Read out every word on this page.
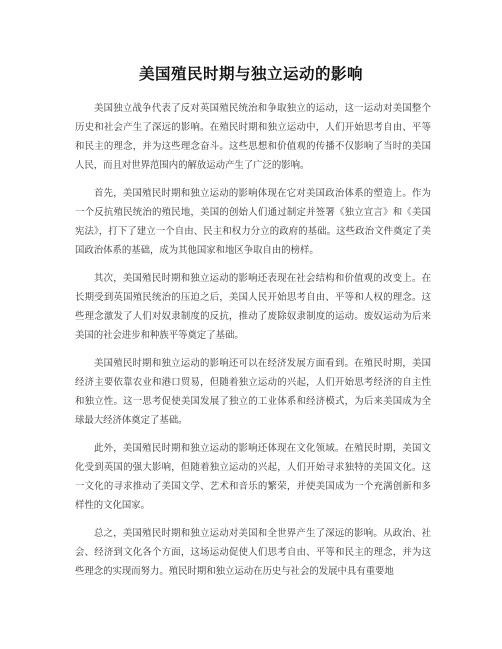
美国殖民时期与独立运动的影响

美国独立战争代表了反对英国殖民统治和争取独立的运动，这一运动对美国整个历史和社会产生了深远的影响。在殖民时期和独立运动中，人们开始思考自由、平等和民主的理念，并为这些理念奋斗。这些思想和价值观的传播不仅影响了当时的美国人民，而且对世界范围内的解放运动产生了广泛的影响。

首先，美国殖民时期和独立运动的影响体现在它对美国政治体系的塑造上。作为一个反抗殖民统治的殖民地，美国的创始人们通过制定并签署《独立宣言》和《美国宪法》，打下了建立一个自由、民主和权力分立的政府的基础。这些政治文件奠定了美国政治体系的基础，成为其他国家和地区争取自由的榜样。

其次，美国殖民时期和独立运动的影响还表现在社会结构和价值观的改变上。在长期受到英国殖民统治的压迫之后，美国人民开始思考自由、平等和人权的理念。这些理念激发了人们对奴隶制度的反抗，推动了废除奴隶制度的运动。废奴运动为后来美国的社会进步和种族平等奠定了基础。

美国殖民时期和独立运动的影响还可以在经济发展方面看到。在殖民时期，美国经济主要依靠农业和港口贸易，但随着独立运动的兴起，人们开始思考经济的自主性和独立性。这一思考促使美国发展了独立的工业体系和经济模式，为后来美国成为全球最大经济体奠定了基础。

此外，美国殖民时期和独立运动的影响还体现在文化领域。在殖民时期，美国文化受到英国的强大影响，但随着独立运动的兴起，人们开始寻求独特的美国文化。这一文化的寻求推动了美国文学、艺术和音乐的繁荣，并使美国成为一个充满创新和多样性的文化国家。

总之，美国殖民时期和独立运动对美国和全世界产生了深远的影响。从政治、社会、经济到文化各个方面，这场运动促使人们思考自由、平等和民主的理念，并为这些理念的实现而努力。殖民时期和独立运动在历史与社会的发展中具有重要地
